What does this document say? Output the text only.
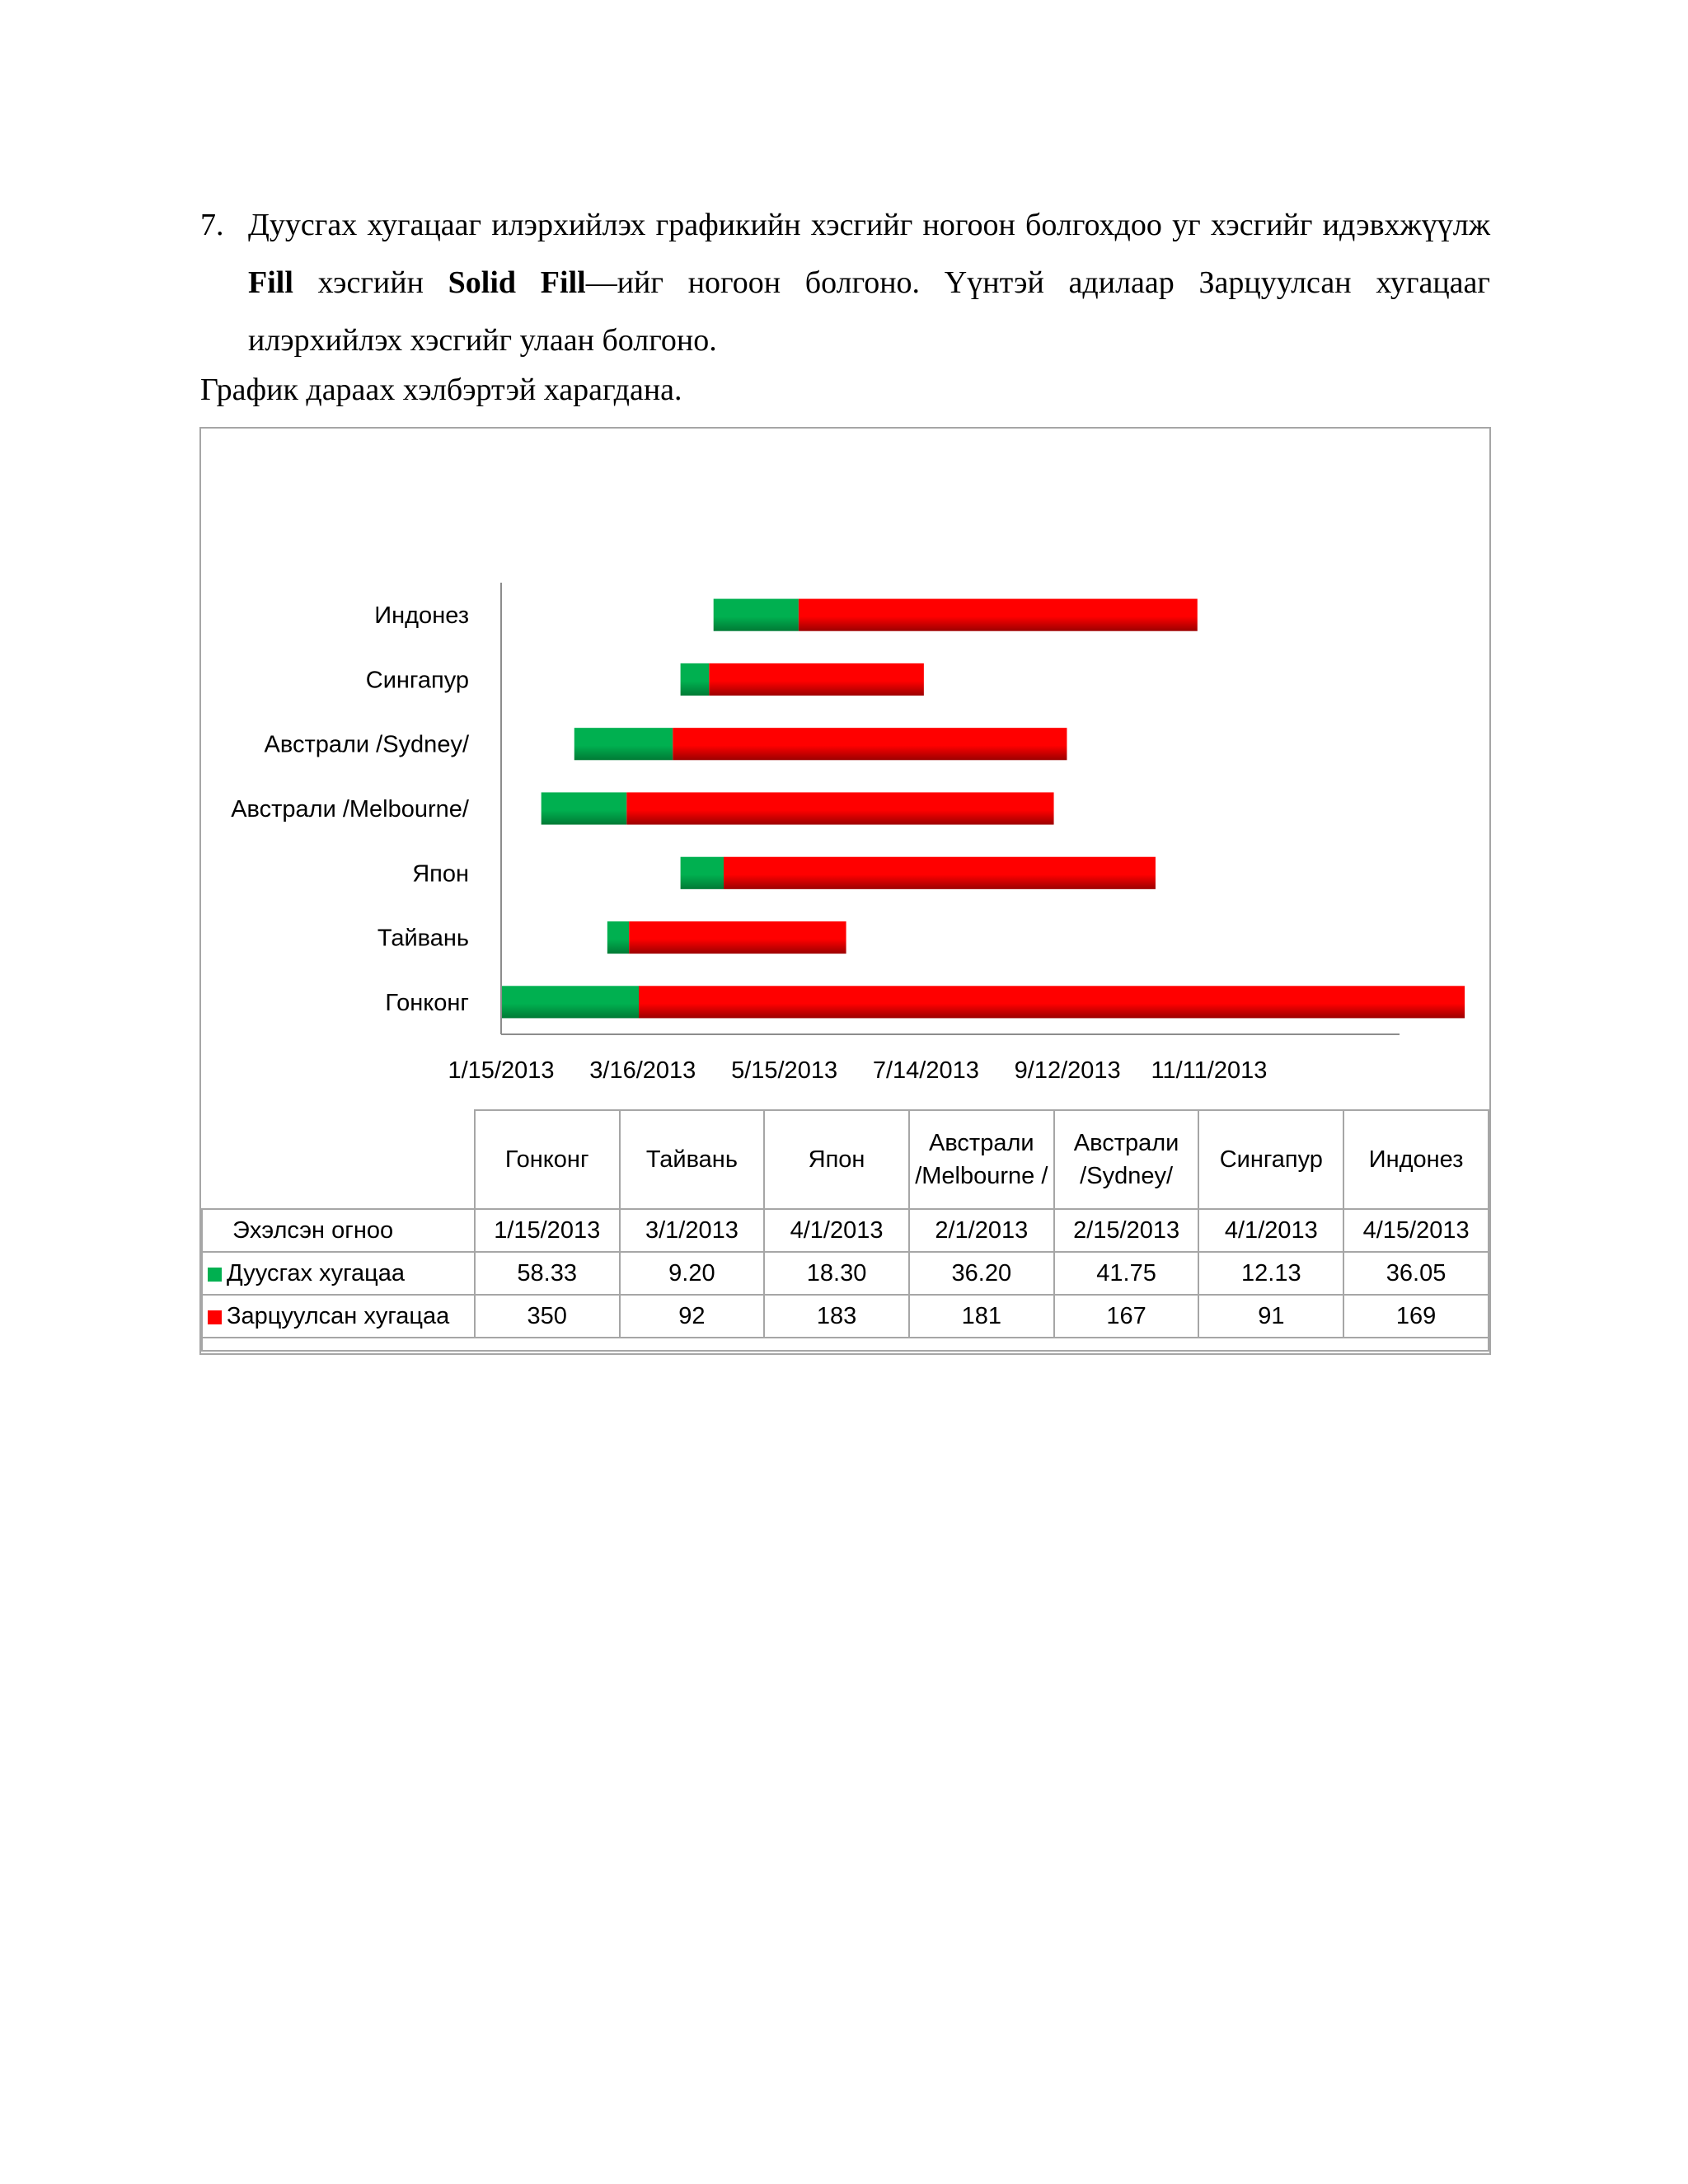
7. Дуусгах хугацааг илэрхийлэх графикийн хэсгийг ногоон болгохдоо уг хэсгийг идэвхжүүлж Fill хэсгийн Solid Fill—ийг ногоон болгоно. Үүнтэй адилаар Зарцуулсан хугацааг илэрхийлэх хэсгийг улаан болгоно.
График дараах хэлбэртэй харагдана.
Гонконг
Тайвань
Япон
Австрали /Melbourne/
Австрали /Sydney/
Сингапур
Индонез
1/15/2013 3/16/2013 5/15/2013 7/14/2013 9/12/2013 11/11/2013
	Гонконг	Тайвань	Япон	Австрали /Melbourne /	Австрали /Sydney/	Сингапур	Индонез
Эхэлсэн огноо	1/15/2013	3/1/2013	4/1/2013	2/1/2013	2/15/2013	4/1/2013	4/15/2013
Дуусгах хугацаа	58.33	9.20	18.30	36.20	41.75	12.13	36.05
Зарцуулсан хугацаа	350	92	183	181	167	91	169
